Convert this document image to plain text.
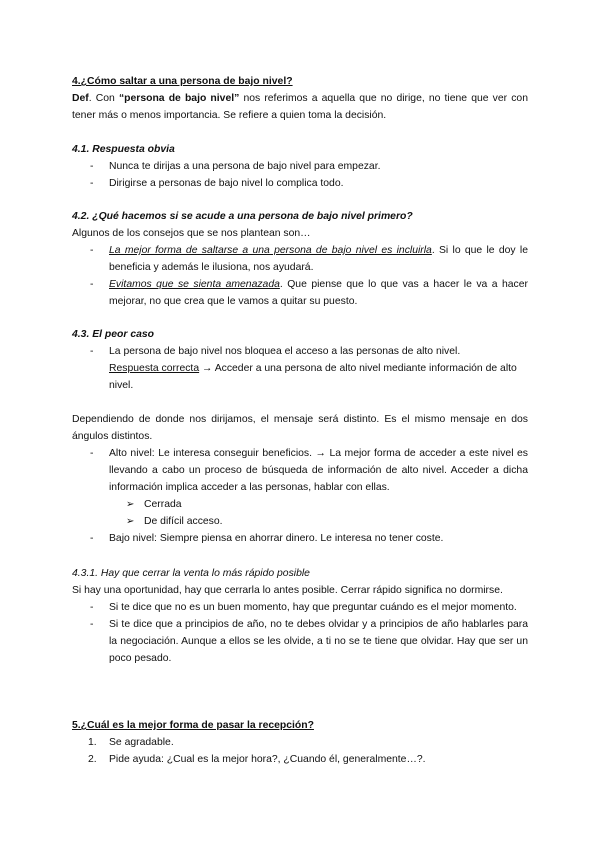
4.¿Cómo saltar a una persona de bajo nivel?
Def. Con “persona de bajo nivel” nos referimos a aquella que no dirige, no tiene que ver con tener más o menos importancia. Se refiere a quien toma la decisión.
4.1. Respuesta obvia
- Nunca te dirijas a una persona de bajo nivel para empezar.
- Dirigirse a personas de bajo nivel lo complica todo.
4.2. ¿Qué hacemos si se acude a una persona de bajo nivel primero?
Algunos de los consejos que se nos plantean son…
- La mejor forma de saltarse a una persona de bajo nivel es incluirla. Si lo que le doy le beneficia y además le ilusiona, nos ayudará.
- Evitamos que se sienta amenazada. Que piense que lo que vas a hacer le va a hacer mejorar, no que crea que le vamos a quitar su puesto.
4.3. El peor caso
- La persona de bajo nivel nos bloquea el acceso a las personas de alto nivel.
Respuesta correcta → Acceder a una persona de alto nivel mediante información de alto nivel.
Dependiendo de donde nos dirijamos, el mensaje será distinto. Es el mismo mensaje en dos ángulos distintos.
- Alto nivel: Le interesa conseguir beneficios. → La mejor forma de acceder a este nivel es llevando a cabo un proceso de búsqueda de información de alto nivel. Acceder a dicha información implica acceder a las personas, hablar con ellas.
➢ Cerrada
➢ De difícil acceso.
- Bajo nivel: Siempre piensa en ahorrar dinero. Le interesa no tener coste.
4.3.1. Hay que cerrar la venta lo más rápido posible
Si hay una oportunidad, hay que cerrarla lo antes posible. Cerrar rápido significa no dormirse.
- Si te dice que no es un buen momento, hay que preguntar cuándo es el mejor momento.
- Si te dice que a principios de año, no te debes olvidar y a principios de año hablarles para la negociación. Aunque a ellos se les olvide, a ti no se te tiene que olvidar. Hay que ser un poco pesado.
5.¿Cuál es la mejor forma de pasar la recepción?
1. Se agradable.
2. Pide ayuda: ¿Cual es la mejor hora?, ¿Cuando él, generalmente…?.
